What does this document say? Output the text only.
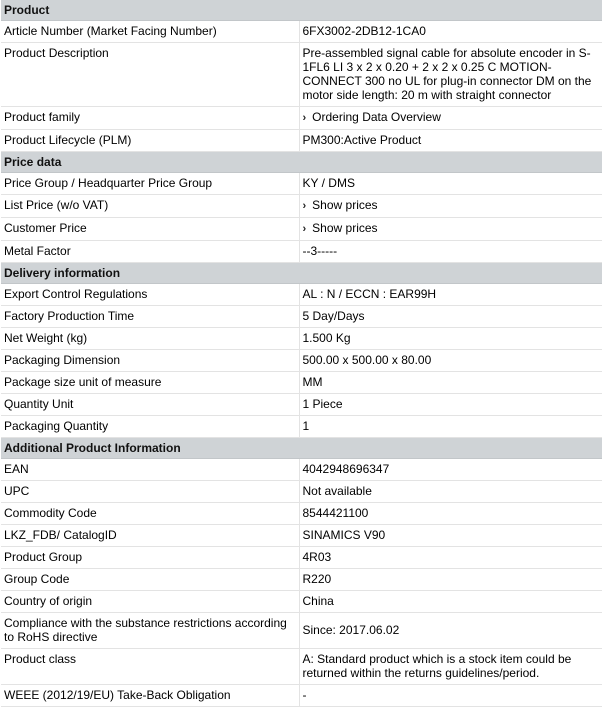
Product	
Article Number (Market Facing Number)	6FX3002-2DB12-1CA0
Product Description	Pre-assembled signal cable for absolute encoder in S-1FL6 LI 3 x 2 x 0.20 + 2 x 2 x 0.25 C MOTION-CONNECT 300 no UL for plug-in connector DM on the motor side length: 20 m with straight connector
Product family	› Ordering Data Overview
Product Lifecycle (PLM)	PM300:Active Product
Price data	
Price Group / Headquarter Price Group	KY / DMS
List Price (w/o VAT)	› Show prices
Customer Price	› Show prices
Metal Factor	--3-----
Delivery information	
Export Control Regulations	AL : N / ECCN : EAR99H
Factory Production Time	5 Day/Days
Net Weight (kg)	1.500 Kg
Packaging Dimension	500.00 x 500.00 x 80.00
Package size unit of measure	MM
Quantity Unit	1 Piece
Packaging Quantity	1
Additional Product Information	
EAN	4042948696347
UPC	Not available
Commodity Code	8544421100
LKZ_FDB/ CatalogID	SINAMICS V90
Product Group	4R03
Group Code	R220
Country of origin	China
Compliance with the substance restrictions according to RoHS directive	Since: 2017.06.02
Product class	A: Standard product which is a stock item could be returned within the returns guidelines/period.
WEEE (2012/19/EU) Take-Back Obligation	-
